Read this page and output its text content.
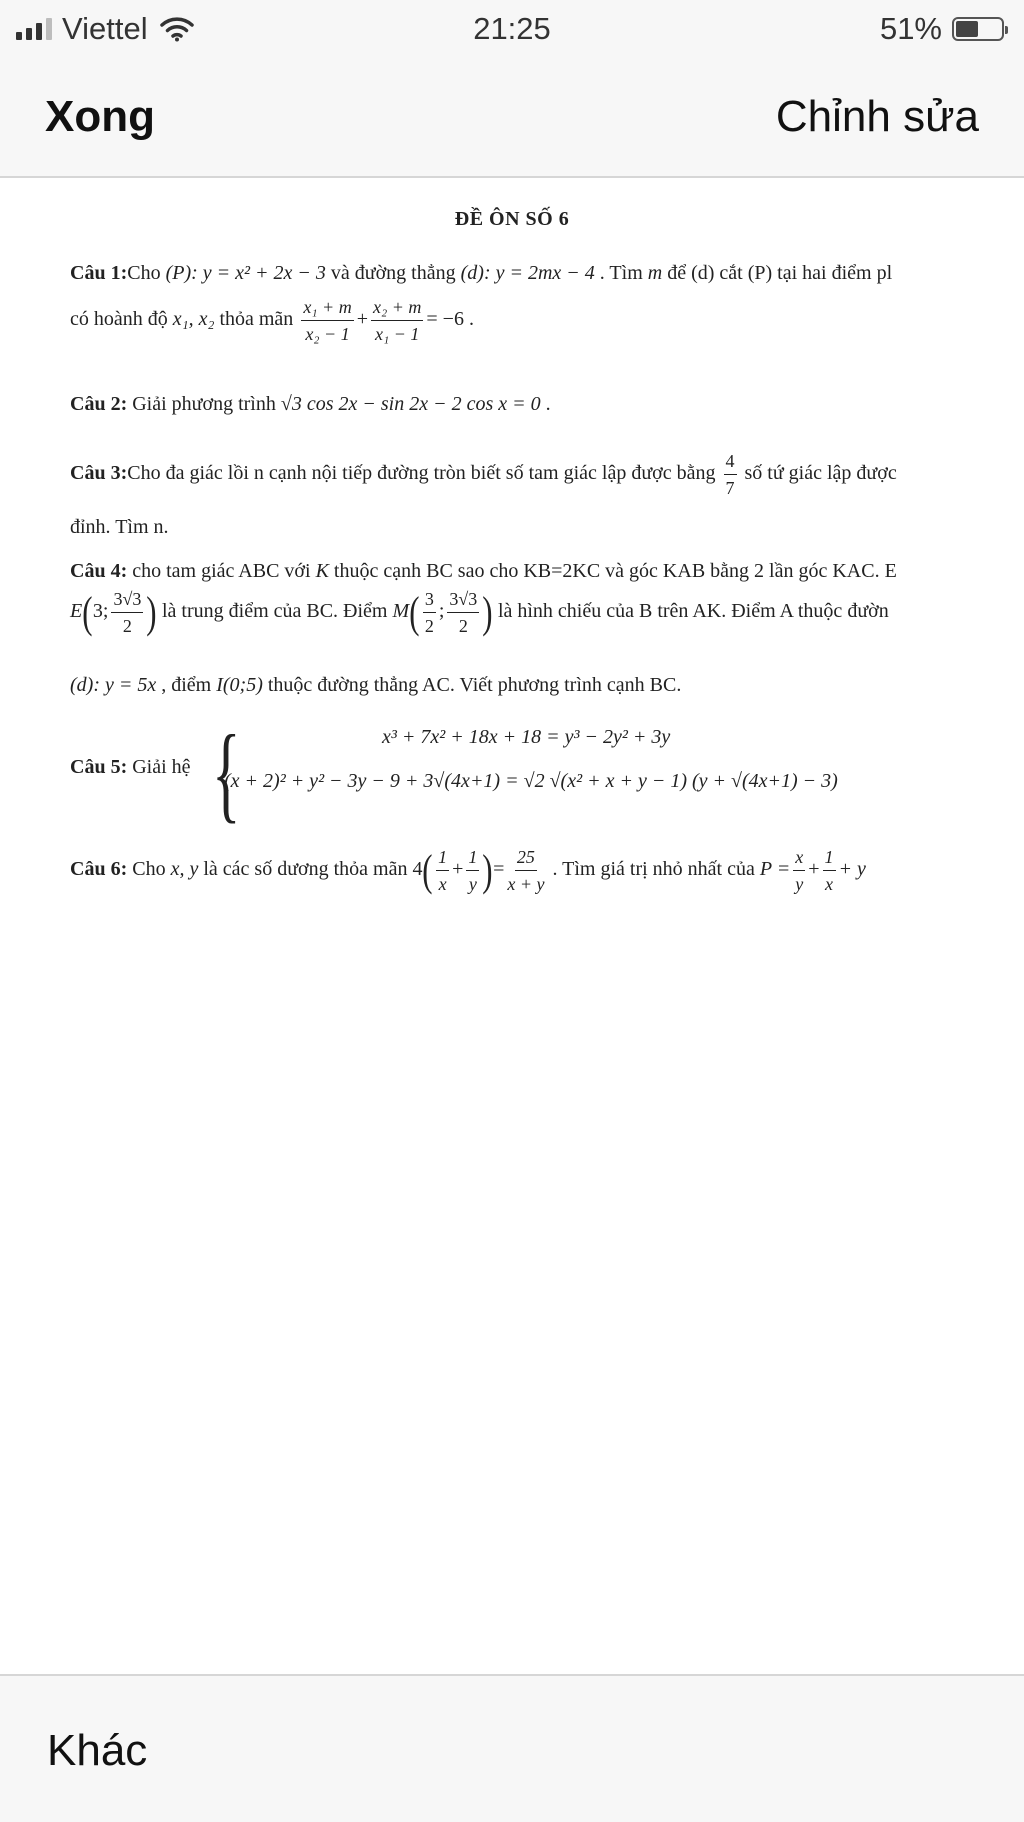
Viettel	21:25	51%
Xong	Chỉnh sửa
ĐỀ ÔN SỐ 6
Câu 1:Cho (P): y = x² + 2x − 3 và đường thẳng (d): y = 2mx − 4 . Tìm m để (d) cắt (P) tại hai điểm pl
có hoành độ x₁, x₂ thỏa mãn $\frac{\text{x₁ + m}}{\text{x₂ − 1}} + \frac{\text{x₂ + m}}{\text{x₁ − 1}} = -6$ .
Câu 2: Giải phương trình √3 cos 2x − sin 2x − 2 cos x = 0 .
Câu 3:Cho đa giác lồi n cạnh nội tiếp đường tròn biết số tam giác lập được bằng $\frac{4}{7}$ số tứ giác lập được
đỉnh. Tìm n.
Câu 4: cho tam giác ABC với K thuộc cạnh BC sao cho KB=2KC và góc KAB bằng 2 lần góc KAC. E
E(3; $\frac{3√3}{2}$ ) là trung điểm của BC. Điểm $M( \frac{3}{2}$ ; $\frac{3√3}{2}$ ) là hình chiếu của B trên AK. Điểm A thuộc đườn
(d): y = 5x , điểm I(0;5) thuộc đường thẳng AC. Viết phương trình cạnh BC.
Câu 5: Giải hệ {	x³ + 7x² + 18x + 18 = y³ − 2y² + 3y
(x + 2)² + y² − 3y − 9 + 3√(4x+1) = √2 √(x² + x + y − 1) (y + √(4x+1) − 3)
Câu 6: Cho x, y là các số dương thỏa mãn $4( \frac{1}{x} + \frac{1}{y}$ )= $\frac{25}{x + y}$ . Tìm giá trị nhỏ nhất của $P = \frac{x}{y} + \frac{1}{x} + y$
Khác
